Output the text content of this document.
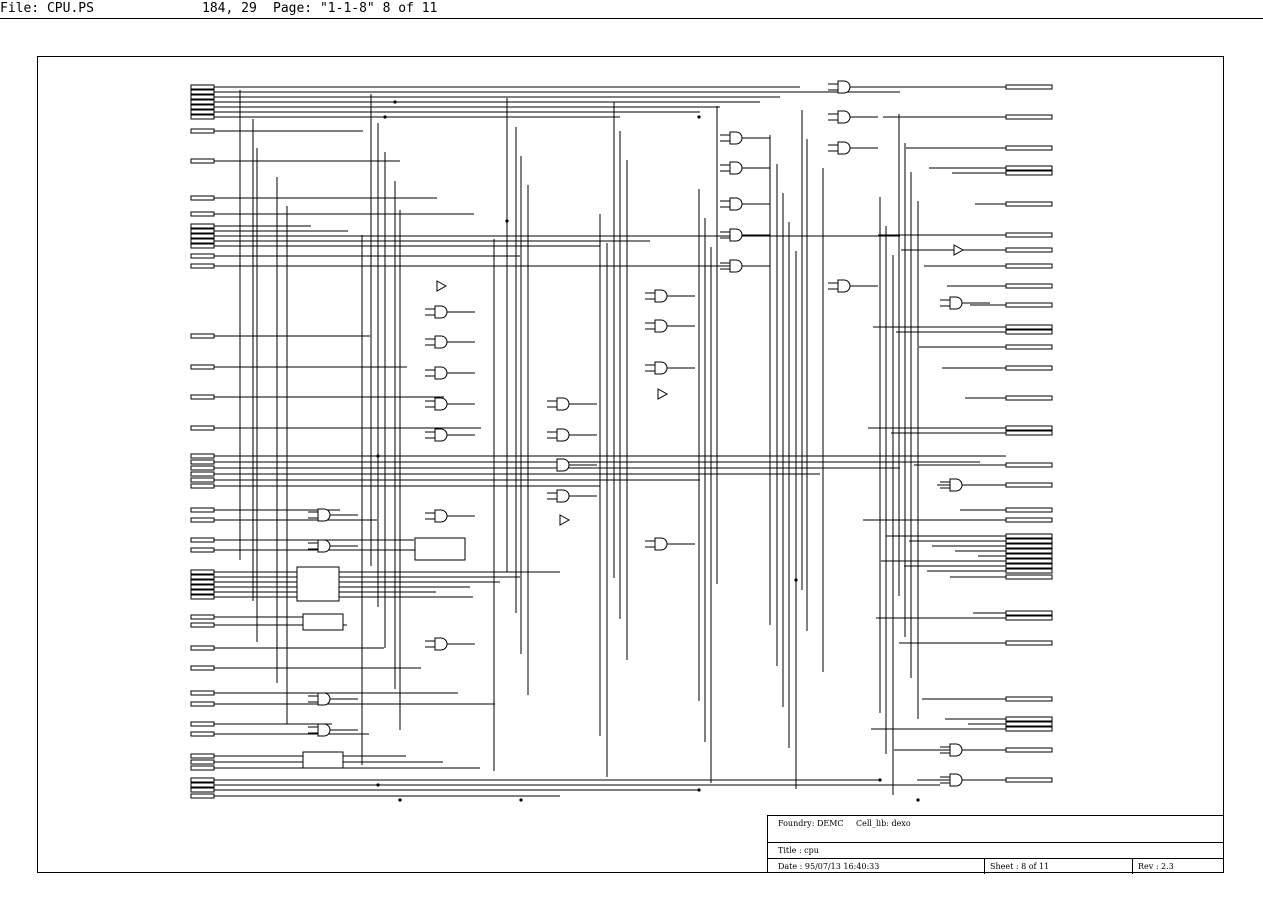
File: CPU.PS	184, 29 Page: "1-1-8" 8 of 11
Foundry: DEMC Cell_lib: dexo
Title : cpu
Date : 95/07/13 16:40:33	Sheet : 8 of 11	Rev : 2.3
